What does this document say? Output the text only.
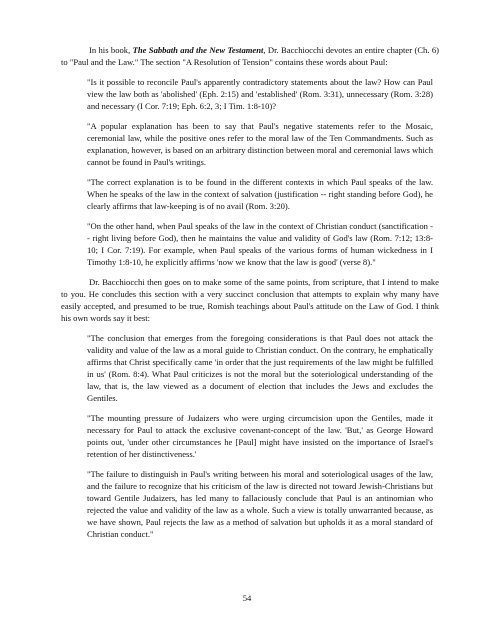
In his book, The Sabbath and the New Testament, Dr. Bacchiocchi devotes an entire chapter (Ch. 6) to "Paul and the Law." The section "A Resolution of Tension" contains these words about Paul:

"Is it possible to reconcile Paul's apparently contradictory statements about the law? How can Paul view the law both as 'abolished' (Eph. 2:15) and 'established' (Rom. 3:31), unnecessary (Rom. 3:28) and necessary (I Cor. 7:19; Eph. 6:2, 3; I Tim. 1:8-10)?

"A popular explanation has been to say that Paul's negative statements refer to the Mosaic, ceremonial law, while the positive ones refer to the moral law of the Ten Commandments. Such as explanation, however, is based on an arbitrary distinction between moral and ceremonial laws which cannot be found in Paul's writings.

"The correct explanation is to be found in the different contexts in which Paul speaks of the law. When he speaks of the law in the context of salvation (justification -- right standing before God), he clearly affirms that law-keeping is of no avail (Rom. 3:20).

"On the other hand, when Paul speaks of the law in the context of Christian conduct (sanctification -- right living before God), then he maintains the value and validity of God's law (Rom. 7:12; 13:8-10; I Cor. 7:19). For example, when Paul speaks of the various forms of human wickedness in I Timothy 1:8-10, he explicitly affirms 'now we know that the law is good' (verse 8)."

Dr. Bacchiocchi then goes on to make some of the same points, from scripture, that I intend to make to you. He concludes this section with a very succinct conclusion that attempts to explain why many have easily accepted, and presumed to be true, Romish teachings about Paul's attitude on the Law of God. I think his own words say it best:

"The conclusion that emerges from the foregoing considerations is that Paul does not attack the validity and value of the law as a moral guide to Christian conduct. On the contrary, he emphatically affirms that Christ specifically came 'in order that the just requirements of the law might be fulfilled in us' (Rom. 8:4). What Paul criticizes is not the moral but the soteriological understanding of the law, that is, the law viewed as a document of election that includes the Jews and excludes the Gentiles.

"The mounting pressure of Judaizers who were urging circumcision upon the Gentiles, made it necessary for Paul to attack the exclusive covenant-concept of the law. 'But,' as George Howard points out, 'under other circumstances he [Paul] might have insisted on the importance of Israel's retention of her distinctiveness.'

"The failure to distinguish in Paul's writing between his moral and soteriological usages of the law, and the failure to recognize that his criticism of the law is directed not toward Jewish-Christians but toward Gentile Judaizers, has led many to fallaciously conclude that Paul is an antinomian who rejected the value and validity of the law as a whole. Such a view is totally unwarranted because, as we have shown, Paul rejects the law as a method of salvation but upholds it as a moral standard of Christian conduct."

54
